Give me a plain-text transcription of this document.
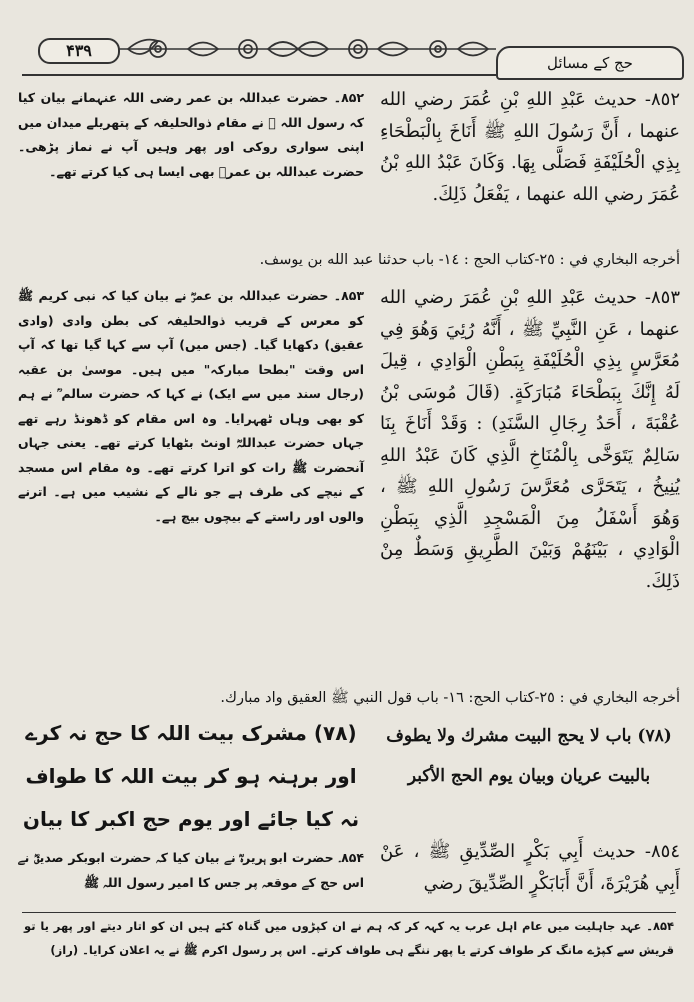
۴۳۹
حج کے مسائل
٨٥٢- حديث عَبْدِ اللهِ بْنِ عُمَرَ رضي الله عنهما ، أَنَّ رَسُولَ اللهِ ﷺ أَنَاخَ بِالْبَطْحَاءِ بِذِي الْحُلَيْفَةِ فَصَلَّى بِهَا. وَكَانَ عَبْدُ اللهِ بْنُ عُمَرَ رضي الله عنهما ، يَفْعَلُ ذَلِكَ.
۸۵۲۔ حضرت عبداللہ بن عمر رضی اللہ عنہمانے بیان کیا کہ رسول اللہ ﷺ نے مقام ذوالحلیفہ کے پتھریلے میدان میں اپنی سواری روکی اور پھر وہیں آپ نے نماز پڑھی۔ حضرت عبداللہ بن عمرؓ بھی ایسا ہی کیا کرتے تھے۔
أخرجه البخاري في : ٢٥-كتاب الحج : ١٤- باب حدثنا عبد الله بن يوسف.
٨٥٣- حديث عَبْدِ اللهِ بْنِ عُمَرَ رضي الله عنهما ، عَنِ النَّبِيِّ ﷺ ، أَنَّهُ رُئِيَ وَهُوَ فِي مُعَرَّسٍ بِذِي الْحُلَيْفَةِ بِبَطْنِ الْوَادِي ، قِيلَ لَهُ إِنَّكَ بِبَطْحَاءَ مُبَارَكَةٍ. (قَالَ مُوسَى بْنُ عُقْبَةَ ، أَحَدُ رِجَالِ السَّنَدِ) : وَقَدْ أَنَاخَ بِنَا سَالِمٌ يَتَوَخَّى بِالْمُنَاخِ الَّذِي كَانَ عَبْدُ اللهِ يُنِيخُ ، يَتَحَرَّى مُعَرَّسَ رَسُولِ اللهِ ﷺ ، وَهُوَ أَسْفَلُ مِنَ الْمَسْجِدِ الَّذِي بِبَطْنِ الْوَادِي ، بَيْنَهُمْ وَبَيْنَ الطَّرِيقِ وَسَطٌ مِنْ ذَلِكَ.
۸۵۳۔ حضرت عبداللہ بن عمرؓ نے بیان کیا کہ نبی کریم ﷺ کو معرس کے قریب ذوالحلیفہ کی بطن وادی (وادی عقیق) دکھایا گیا۔ (جس میں) آپ سے کہا گیا تھا کہ آپ اس وقت "بطحا مبارکہ" میں ہیں۔ موسیٰ بن عقبہ (رجال سند میں سے ایک) نے کہا کہ حضرت سالم ؒ نے ہم کو بھی وہاں ٹھہرایا۔ وہ اس مقام کو ڈھونڈ رہے تھے جہاں حضرت عبداللہؓ اونٹ بٹھایا کرتے تھے۔ یعنی جہاں آنحضرت ﷺ رات کو اترا کرتے تھے۔ وہ مقام اس مسجد کے نیچے کی طرف ہے جو نالے کے نشیب میں ہے۔ اترنے والوں اور راستے کے بیچوں بیچ ہے۔
أخرجه البخاري في : ٢٥-كتاب الحج: ١٦- باب قول النبي ﷺ العقيق واد مبارك.
(٧٨) باب لا يحج البيت مشرك ولا يطوف بالبيت عريان وبيان يوم الحج الأكبر
(۷۸) مشرک بیت اللہ کا حج نہ کرے اور برہنہ ہو کر بیت اللہ کا طواف نہ کیا جائے اور یوم حج اکبر کا بیان
٨٥٤- حديث أَبِي بَكْرٍ الصِّدِّيقِ ﷺ ، عَنْ أَبِي هُرَيْرَةَ، أَنَّ أَبَابَكْرٍ الصِّدِّيقَ رضي
۸۵۴۔ حضرت ابو ہریرہؓ نے بیان کیا کہ حضرت ابوبکر صدیقؓ نے اس حج کے موقعہ پر جس کا امیر رسول اللہ ﷺ
۸۵۴۔ عہد جاہلیت میں عام اہل عرب یہ کہہ کر کہ ہم نے ان کپڑوں میں گناہ کئے ہیں ان کو اتار دیتے اور پھر یا تو قریش سے کپڑے مانگ کر طواف کرتے یا پھر ننگے ہی طواف کرتے۔ اس پر رسول اکرم ﷺ نے یہ اعلان کرایا۔ (راز)
